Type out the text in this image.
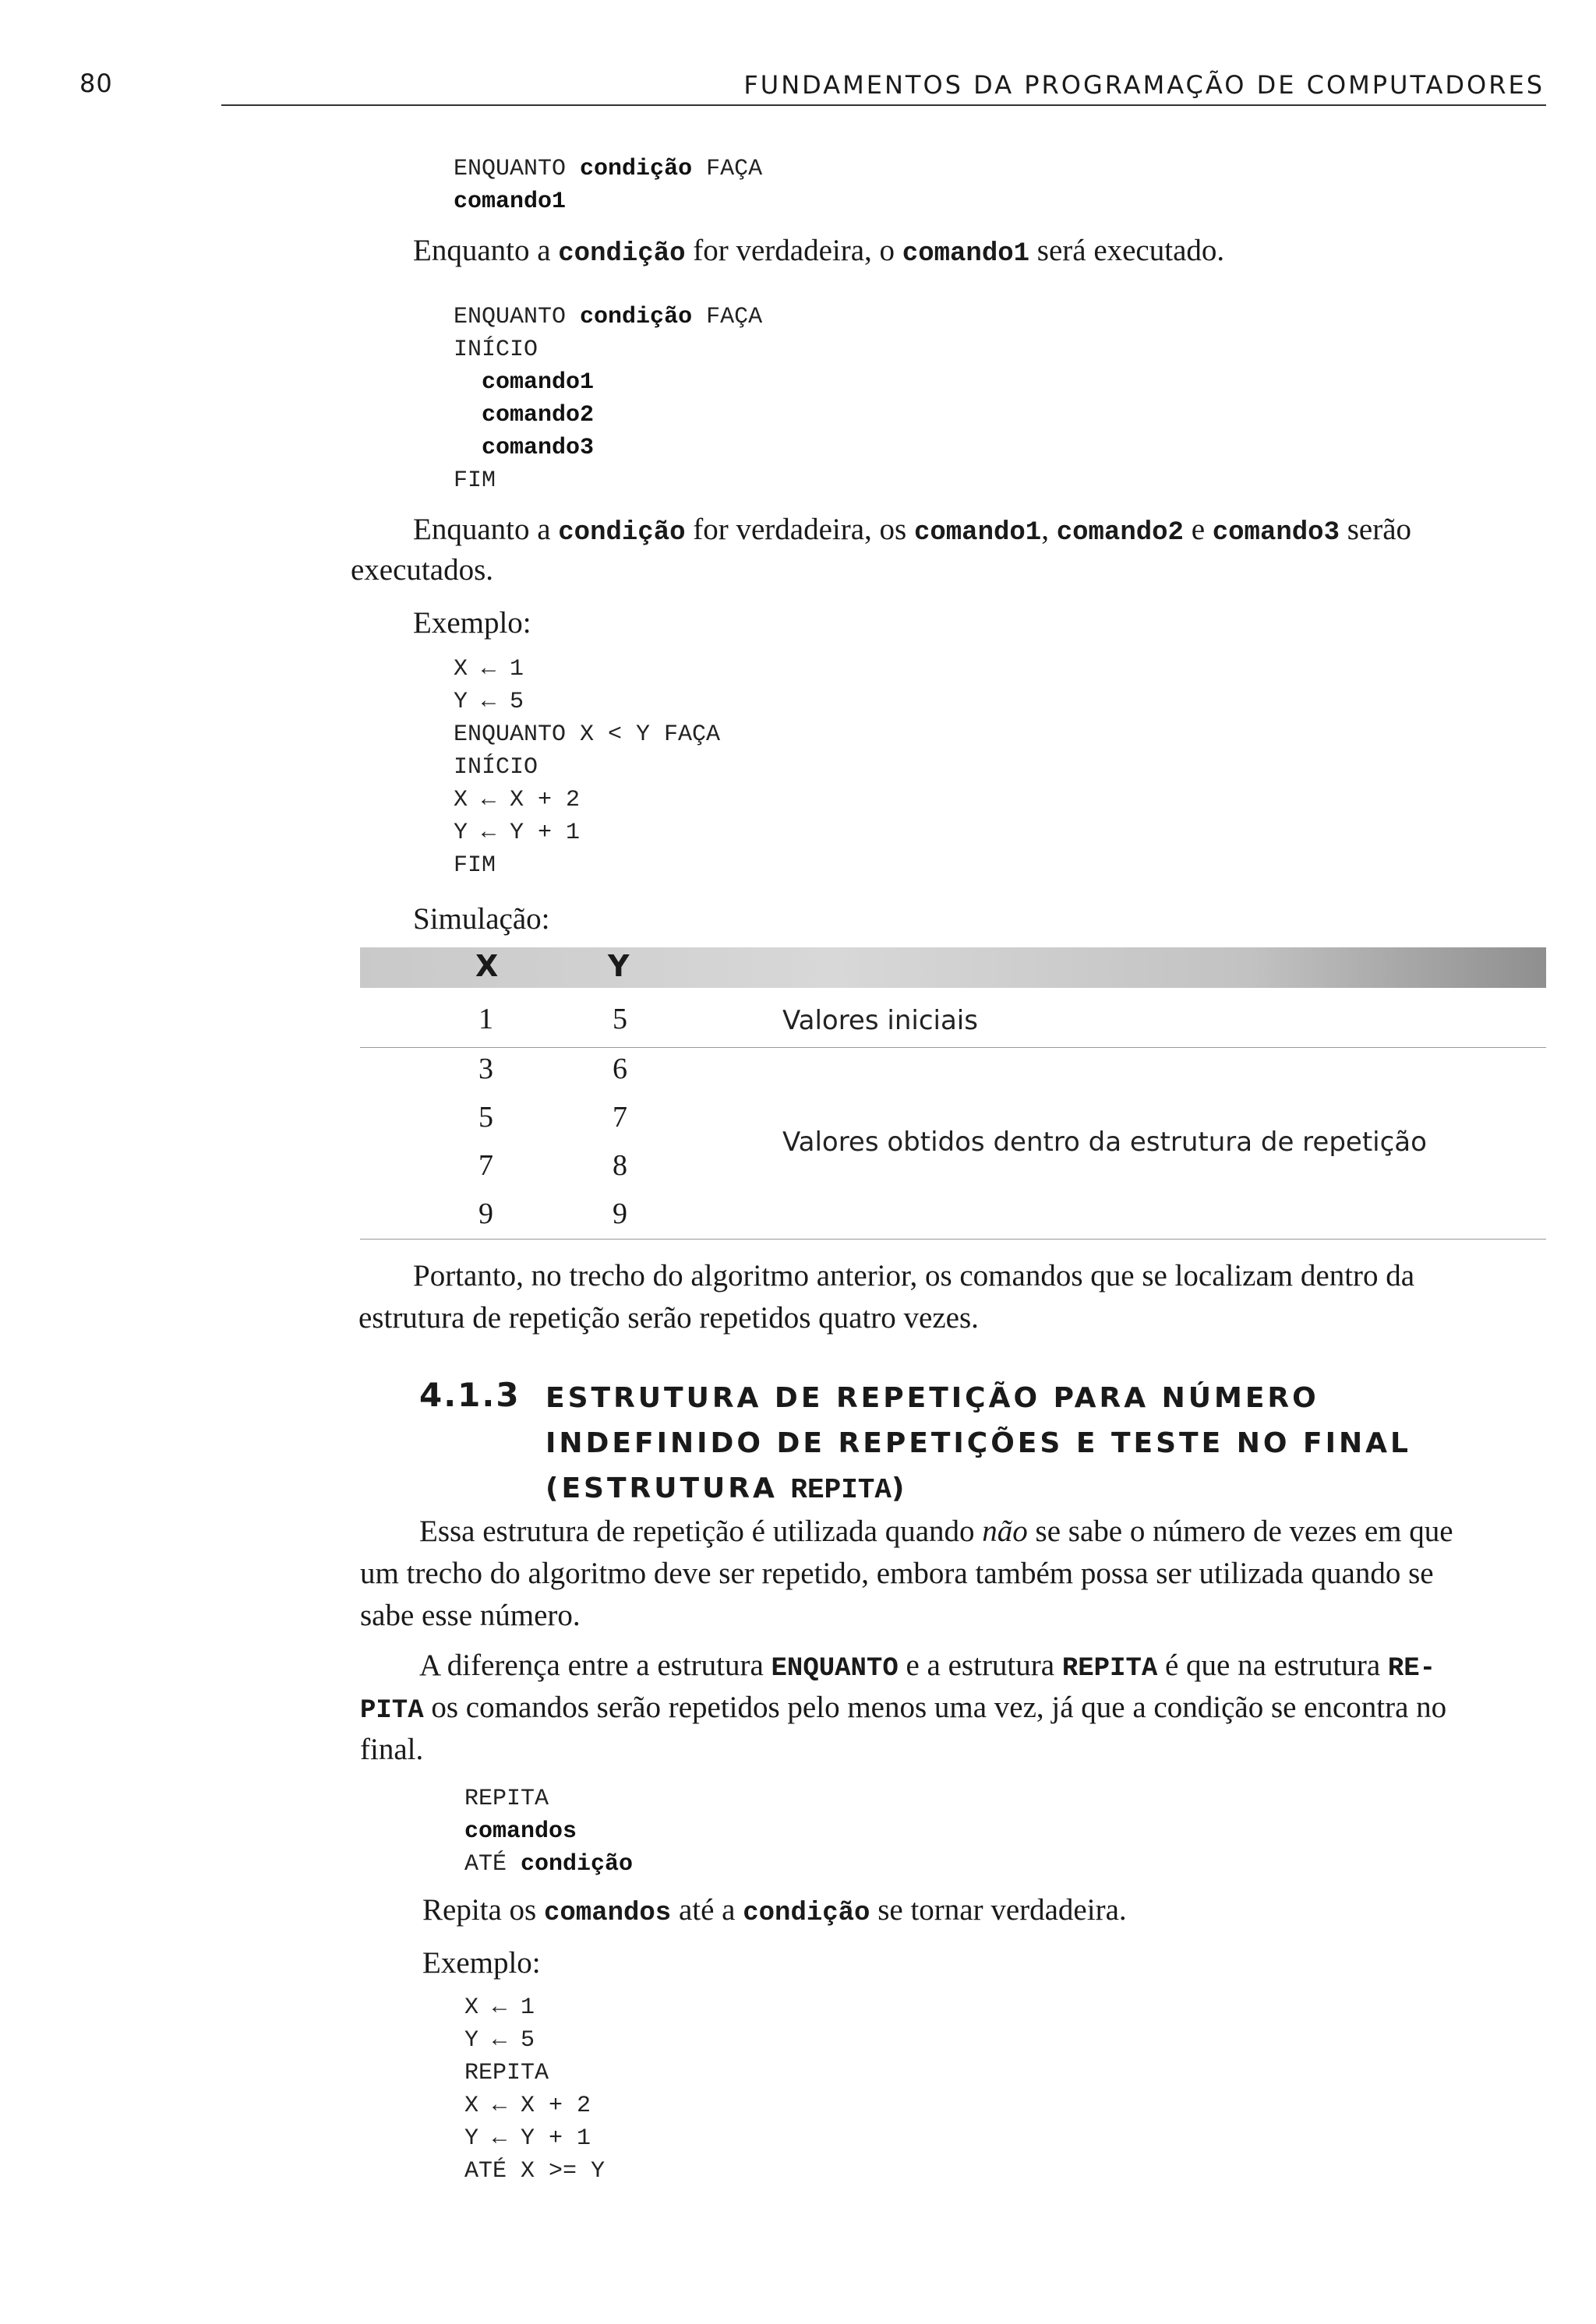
80	FUNDAMENTOS DA PROGRAMAÇÃO DE COMPUTADORES
ENQUANTO condição FAÇA
comando1
Enquanto a condição for verdadeira, o comando1 será executado.
ENQUANTO condição FAÇA
INÍCIO
comando1
comando2
comando3
FIM
Enquanto a condição for verdadeira, os comando1, comando2 e comando3 serão
executados.
Exemplo:
X ← 1
Y ← 5
ENQUANTO X < Y FAÇA
INÍCIO
X ← X + 2
Y ← Y + 1
FIM
Simulação:
X	Y
1	5	Valores iniciais
3	6
5	7
7	8
9	9
Valores obtidos dentro da estrutura de repetição
Portanto, no trecho do algoritmo anterior, os comandos que se localizam dentro da
estrutura de repetição serão repetidos quatro vezes.
4.1.3 ESTRUTURA DE REPETIÇÃO PARA NÚMERO
INDEFINIDO DE REPETIÇÕES E TESTE NO FINAL
(ESTRUTURA REPITA)
Essa estrutura de repetição é utilizada quando não se sabe o número de vezes em que
um trecho do algoritmo deve ser repetido, embora também possa ser utilizada quando se
sabe esse número.
A diferença entre a estrutura ENQUANTO e a estrutura REPITA é que na estrutura RE-
PITA os comandos serão repetidos pelo menos uma vez, já que a condição se encontra no
final.
REPITA
comandos
ATÉ condição
Repita os comandos até a condição se tornar verdadeira.
Exemplo:
X ← 1
Y ← 5
REPITA
X ← X + 2
Y ← Y + 1
ATÉ X >= Y
